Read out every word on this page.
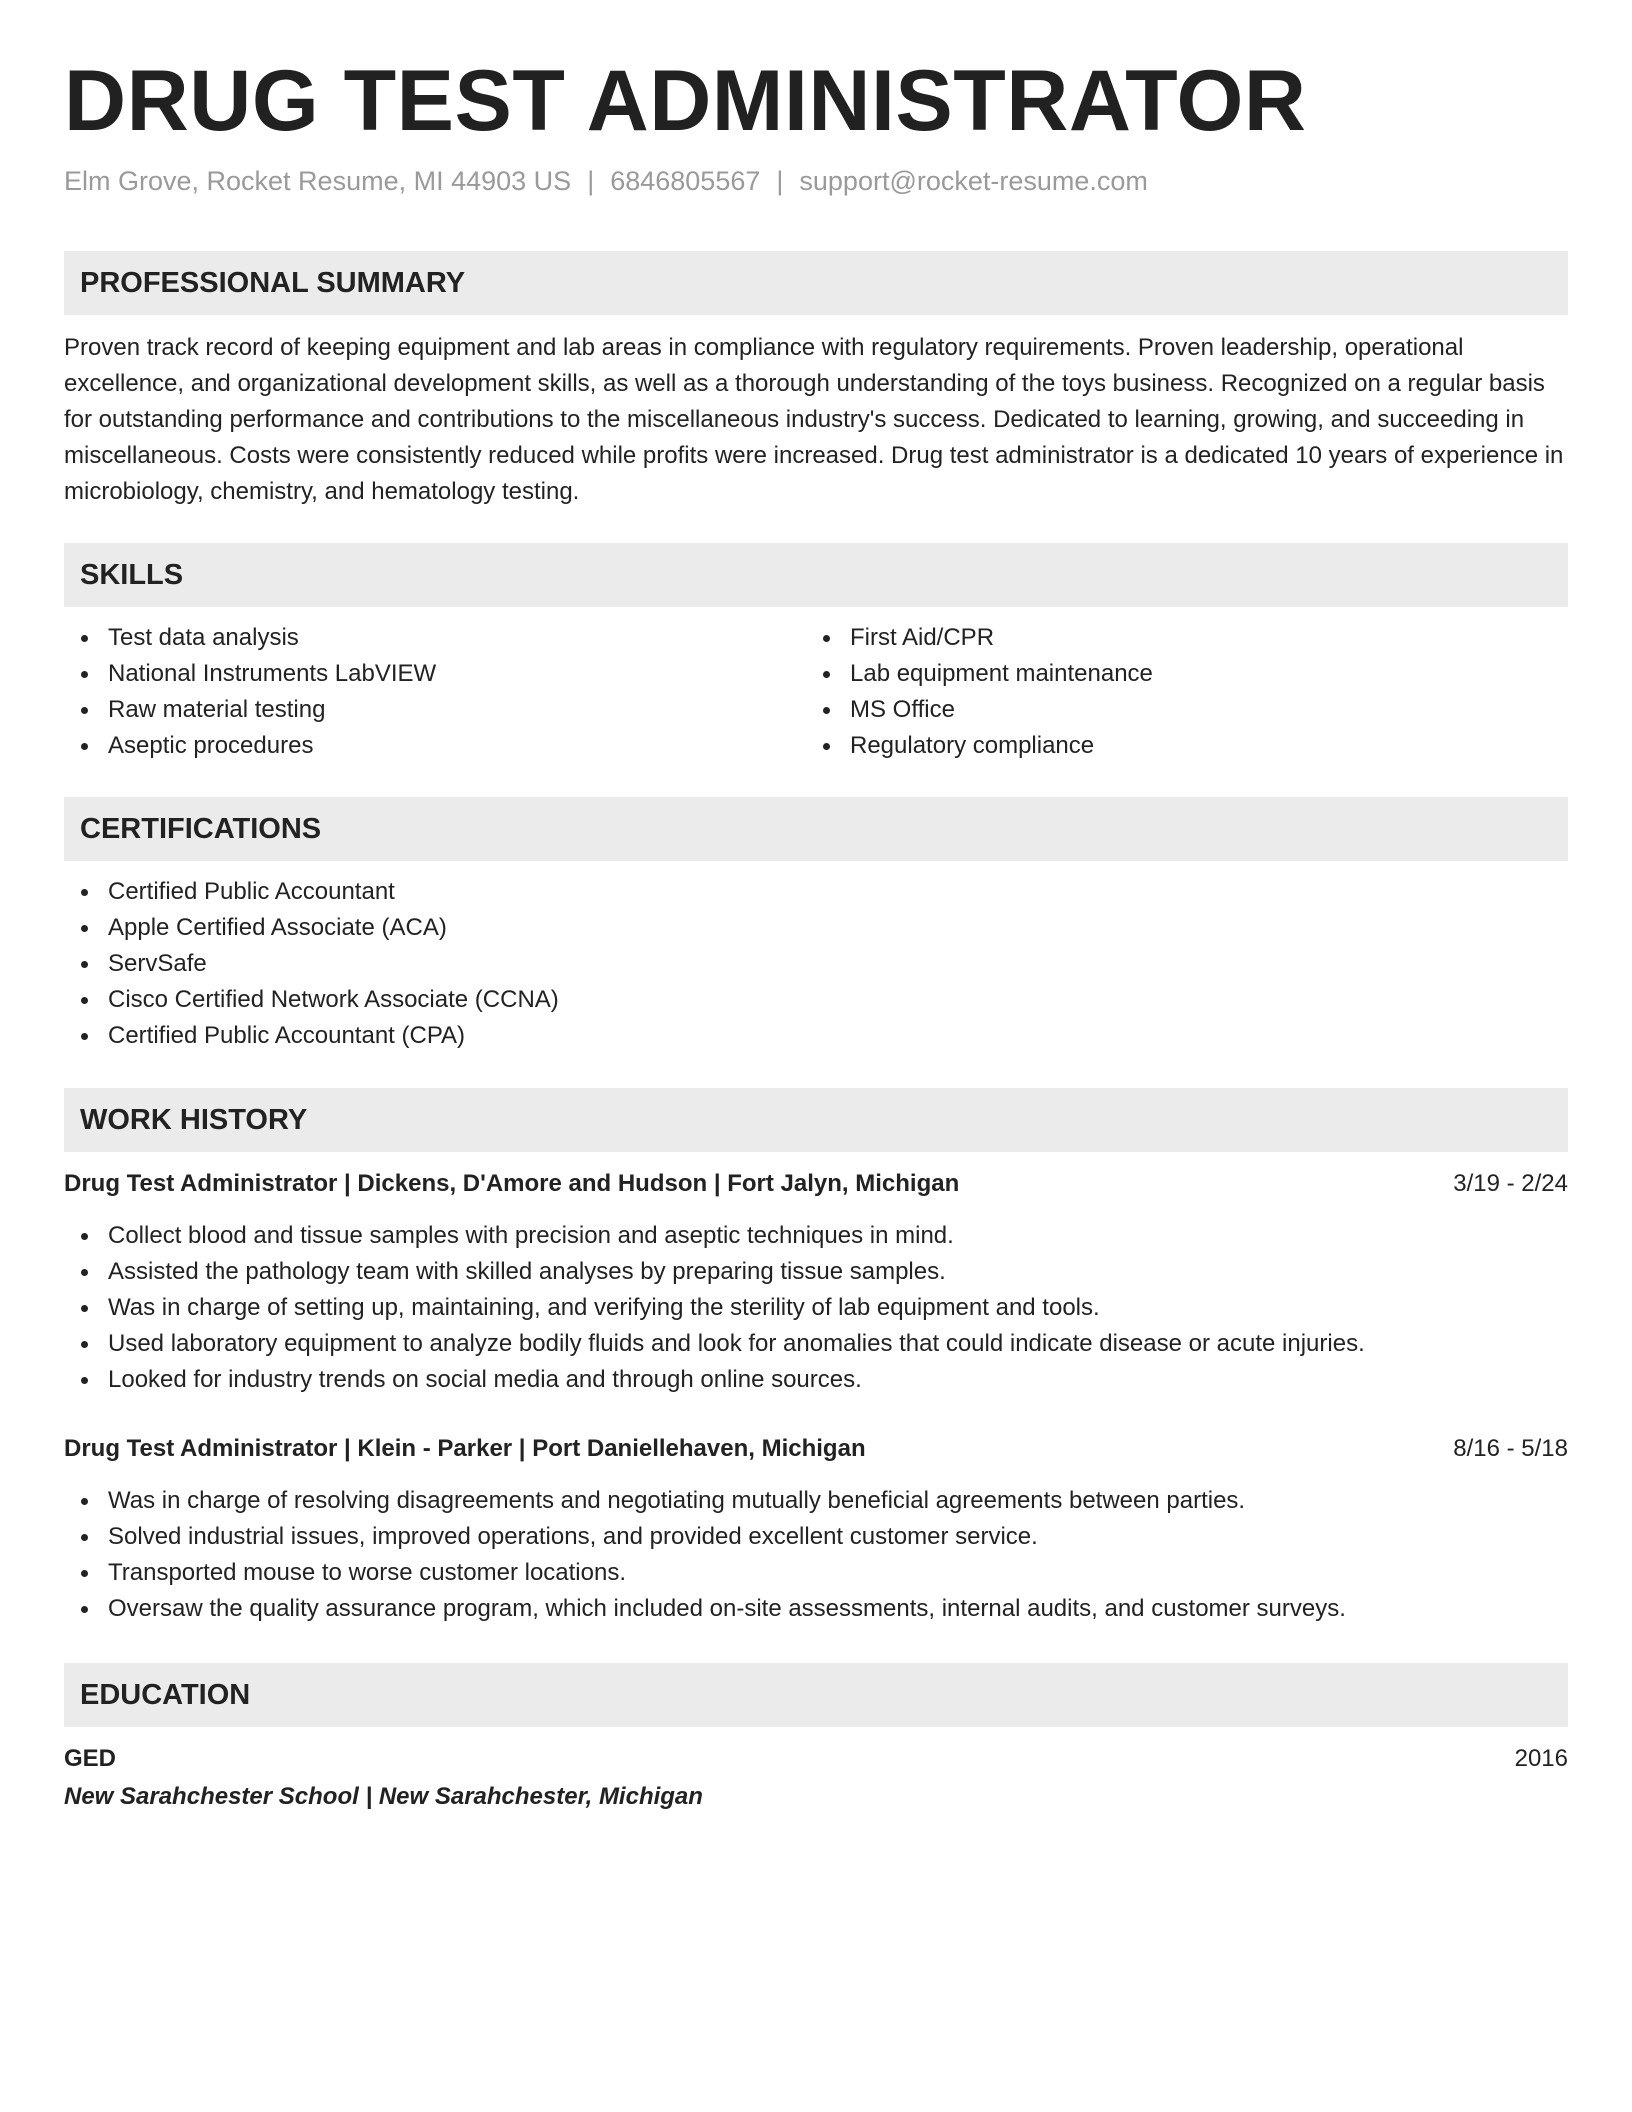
DRUG TEST ADMINISTRATOR
Elm Grove, Rocket Resume, MI 44903 US | 6846805567 | support@rocket-resume.com
PROFESSIONAL SUMMARY
Proven track record of keeping equipment and lab areas in compliance with regulatory requirements. Proven leadership, operational excellence, and organizational development skills, as well as a thorough understanding of the toys business. Recognized on a regular basis for outstanding performance and contributions to the miscellaneous industry's success. Dedicated to learning, growing, and succeeding in miscellaneous. Costs were consistently reduced while profits were increased. Drug test administrator is a dedicated 10 years of experience in microbiology, chemistry, and hematology testing.
SKILLS
Test data analysis
National Instruments LabVIEW
Raw material testing
Aseptic procedures
First Aid/CPR
Lab equipment maintenance
MS Office
Regulatory compliance
CERTIFICATIONS
Certified Public Accountant
Apple Certified Associate (ACA)
ServSafe
Cisco Certified Network Associate (CCNA)
Certified Public Accountant (CPA)
WORK HISTORY
Drug Test Administrator | Dickens, D'Amore and Hudson | Fort Jalyn, Michigan	3/19 - 2/24
Collect blood and tissue samples with precision and aseptic techniques in mind.
Assisted the pathology team with skilled analyses by preparing tissue samples.
Was in charge of setting up, maintaining, and verifying the sterility of lab equipment and tools.
Used laboratory equipment to analyze bodily fluids and look for anomalies that could indicate disease or acute injuries.
Looked for industry trends on social media and through online sources.
Drug Test Administrator | Klein - Parker | Port Daniellehaven, Michigan	8/16 - 5/18
Was in charge of resolving disagreements and negotiating mutually beneficial agreements between parties.
Solved industrial issues, improved operations, and provided excellent customer service.
Transported mouse to worse customer locations.
Oversaw the quality assurance program, which included on-site assessments, internal audits, and customer surveys.
EDUCATION
GED	2016
New Sarahchester School | New Sarahchester, Michigan
